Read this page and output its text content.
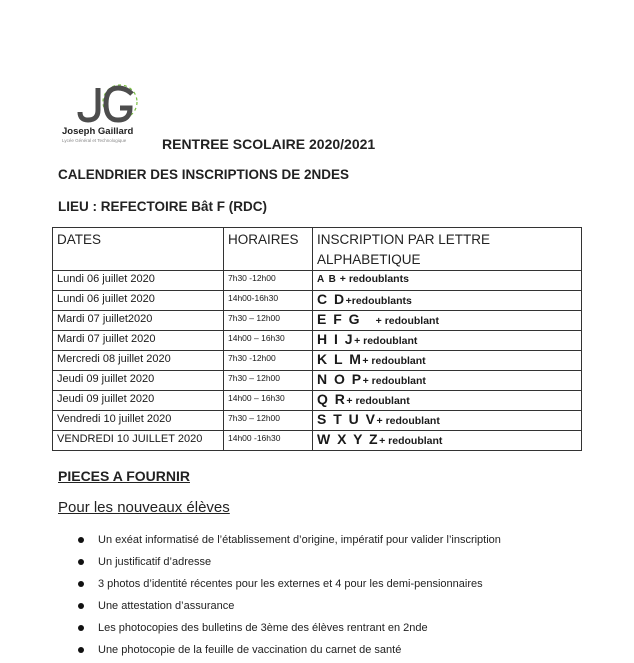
Joseph Gaillard
Lycée Général et Technologique	RENTREE SCOLAIRE 2020/2021
CALENDRIER DES INSCRIPTIONS DE 2NDES
LIEU : REFECTOIRE Bât F (RDC)
DATES	HORAIRES	INSCRIPTION PAR LETTRE ALPHABETIQUE
Lundi 06 juillet 2020	7h30 -12h00	A B + redoublants
Lundi 06 juillet 2020	14h00-16h30	C D+redoublants
Mardi 07 juillet2020	7h30 – 12h00	E F G     + redoublant
Mardi 07 juillet 2020	14h00 – 16h30	H I J+ redoublant
Mercredi 08 juillet 2020	7h30 -12h00	K L M+ redoublant
Jeudi 09 juillet 2020	7h30 – 12h00	N O P+ redoublant
Jeudi 09 juillet 2020	14h00 – 16h30	Q R+ redoublant
Vendredi 10 juillet 2020	7h30 – 12h00	S T U V+ redoublant
VENDREDI 10 JUILLET 2020	14h00 -16h30	W X Y Z+ redoublant
PIECES A FOURNIR
Pour les nouveaux élèves
Un exéat informatisé de l’établissement d’origine, impératif pour valider l’inscription
Un justificatif d’adresse
3 photos d’identité récentes pour les externes et 4 pour les demi-pensionnaires
Une attestation d’assurance
Les photocopies des bulletins de 3ème des élèves rentrant en 2nde
Une photocopie de la feuille de vaccination du carnet de santé
